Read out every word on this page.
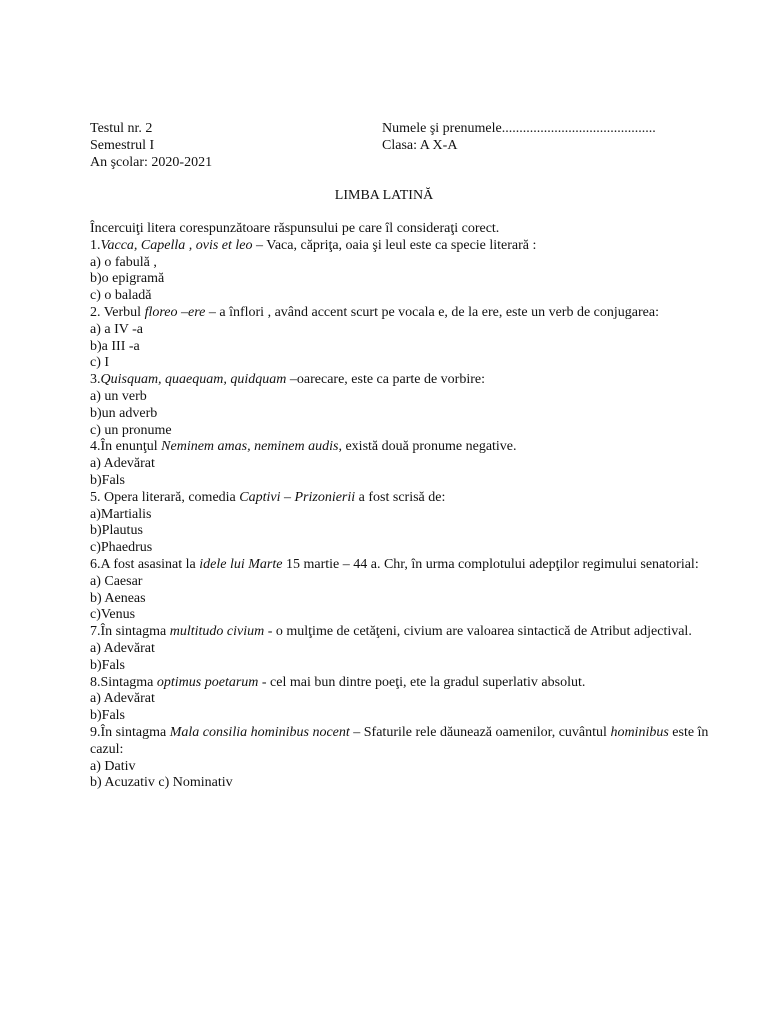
Testul nr. 2	Numele şi prenumele............................................
Semestrul I	Clasa: A X-A
An şcolar: 2020-2021
LIMBA LATINĂ
Încercuiţi litera corespunzătoare răspunsului pe care îl consideraţi corect.
1.Vacca, Capella , ovis et leo – Vaca, căpriţa, oaia şi leul este ca specie literară :
a) o fabulă ,
b)o epigramă
c) o baladă
2. Verbul floreo –ere – a înflori , având accent scurt pe vocala e, de la ere, este un verb de conjugarea:
a) a IV -a
b)a III -a
c) I
3.Quisquam, quaequam, quidquam –oarecare, este ca parte de vorbire:
a) un verb
b)un adverb
c) un pronume
4.În enunţul Neminem amas, neminem audis, există două pronume negative.
a) Adevărat
b)Fals
5. Opera literară, comedia Captivi – Prizonierii a fost scrisă de:
a)Martialis
b)Plautus
c)Phaedrus
6.A fost asasinat la idele lui Marte 15 martie – 44 a. Chr, în urma complotului adepţilor regimului senatorial:
a) Caesar
b) Aeneas
c)Venus
7.În sintagma multitudo civium - o mulţime de cetăţeni, civium are valoarea sintactică de Atribut adjectival.
a) Adevărat
b)Fals
8.Sintagma optimus poetarum - cel mai bun dintre poeţi, ete la gradul superlativ absolut.
a) Adevărat
b)Fals
9.În sintagma Mala consilia hominibus nocent – Sfaturile rele dăunează oamenilor, cuvântul hominibus este în cazul:
a) Dativ
b) Acuzativ c) Nominativ
